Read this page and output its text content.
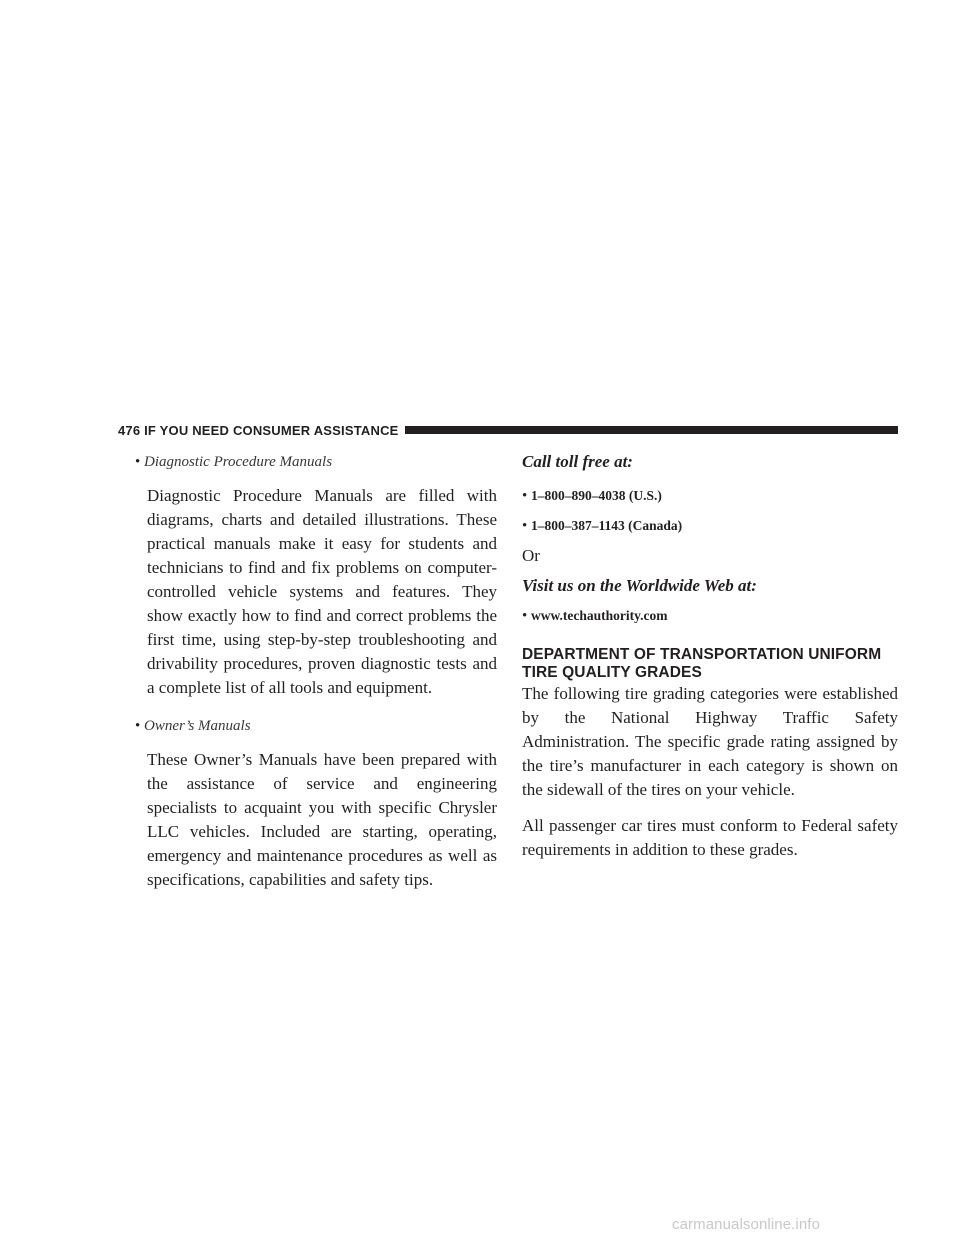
476 IF YOU NEED CONSUMER ASSISTANCE
• Diagnostic Procedure Manuals

Diagnostic Procedure Manuals are filled with diagrams, charts and detailed illustrations. These practical manuals make it easy for students and technicians to find and fix problems on computer-controlled vehicle systems and features. They show exactly how to find and correct problems the first time, using step-by-step troubleshooting and drivability procedures, proven diagnostic tests and a complete list of all tools and equipment.

• Owner’s Manuals

These Owner’s Manuals have been prepared with the assistance of service and engineering specialists to acquaint you with specific Chrysler LLC vehicles. Included are starting, operating, emergency and maintenance procedures as well as specifications, capabilities and safety tips.

Call toll free at:
• 1–800–890–4038 (U.S.)
• 1–800–387–1143 (Canada)
Or
Visit us on the Worldwide Web at:
• www.techauthority.com
DEPARTMENT OF TRANSPORTATION UNIFORM
TIRE QUALITY GRADES

The following tire grading categories were established by the National Highway Traffic Safety Administration. The specific grade rating assigned by the tire’s manufacturer in each category is shown on the sidewall of the tires on your vehicle.

All passenger car tires must conform to Federal safety requirements in addition to these grades.

carmanualsonline.info
